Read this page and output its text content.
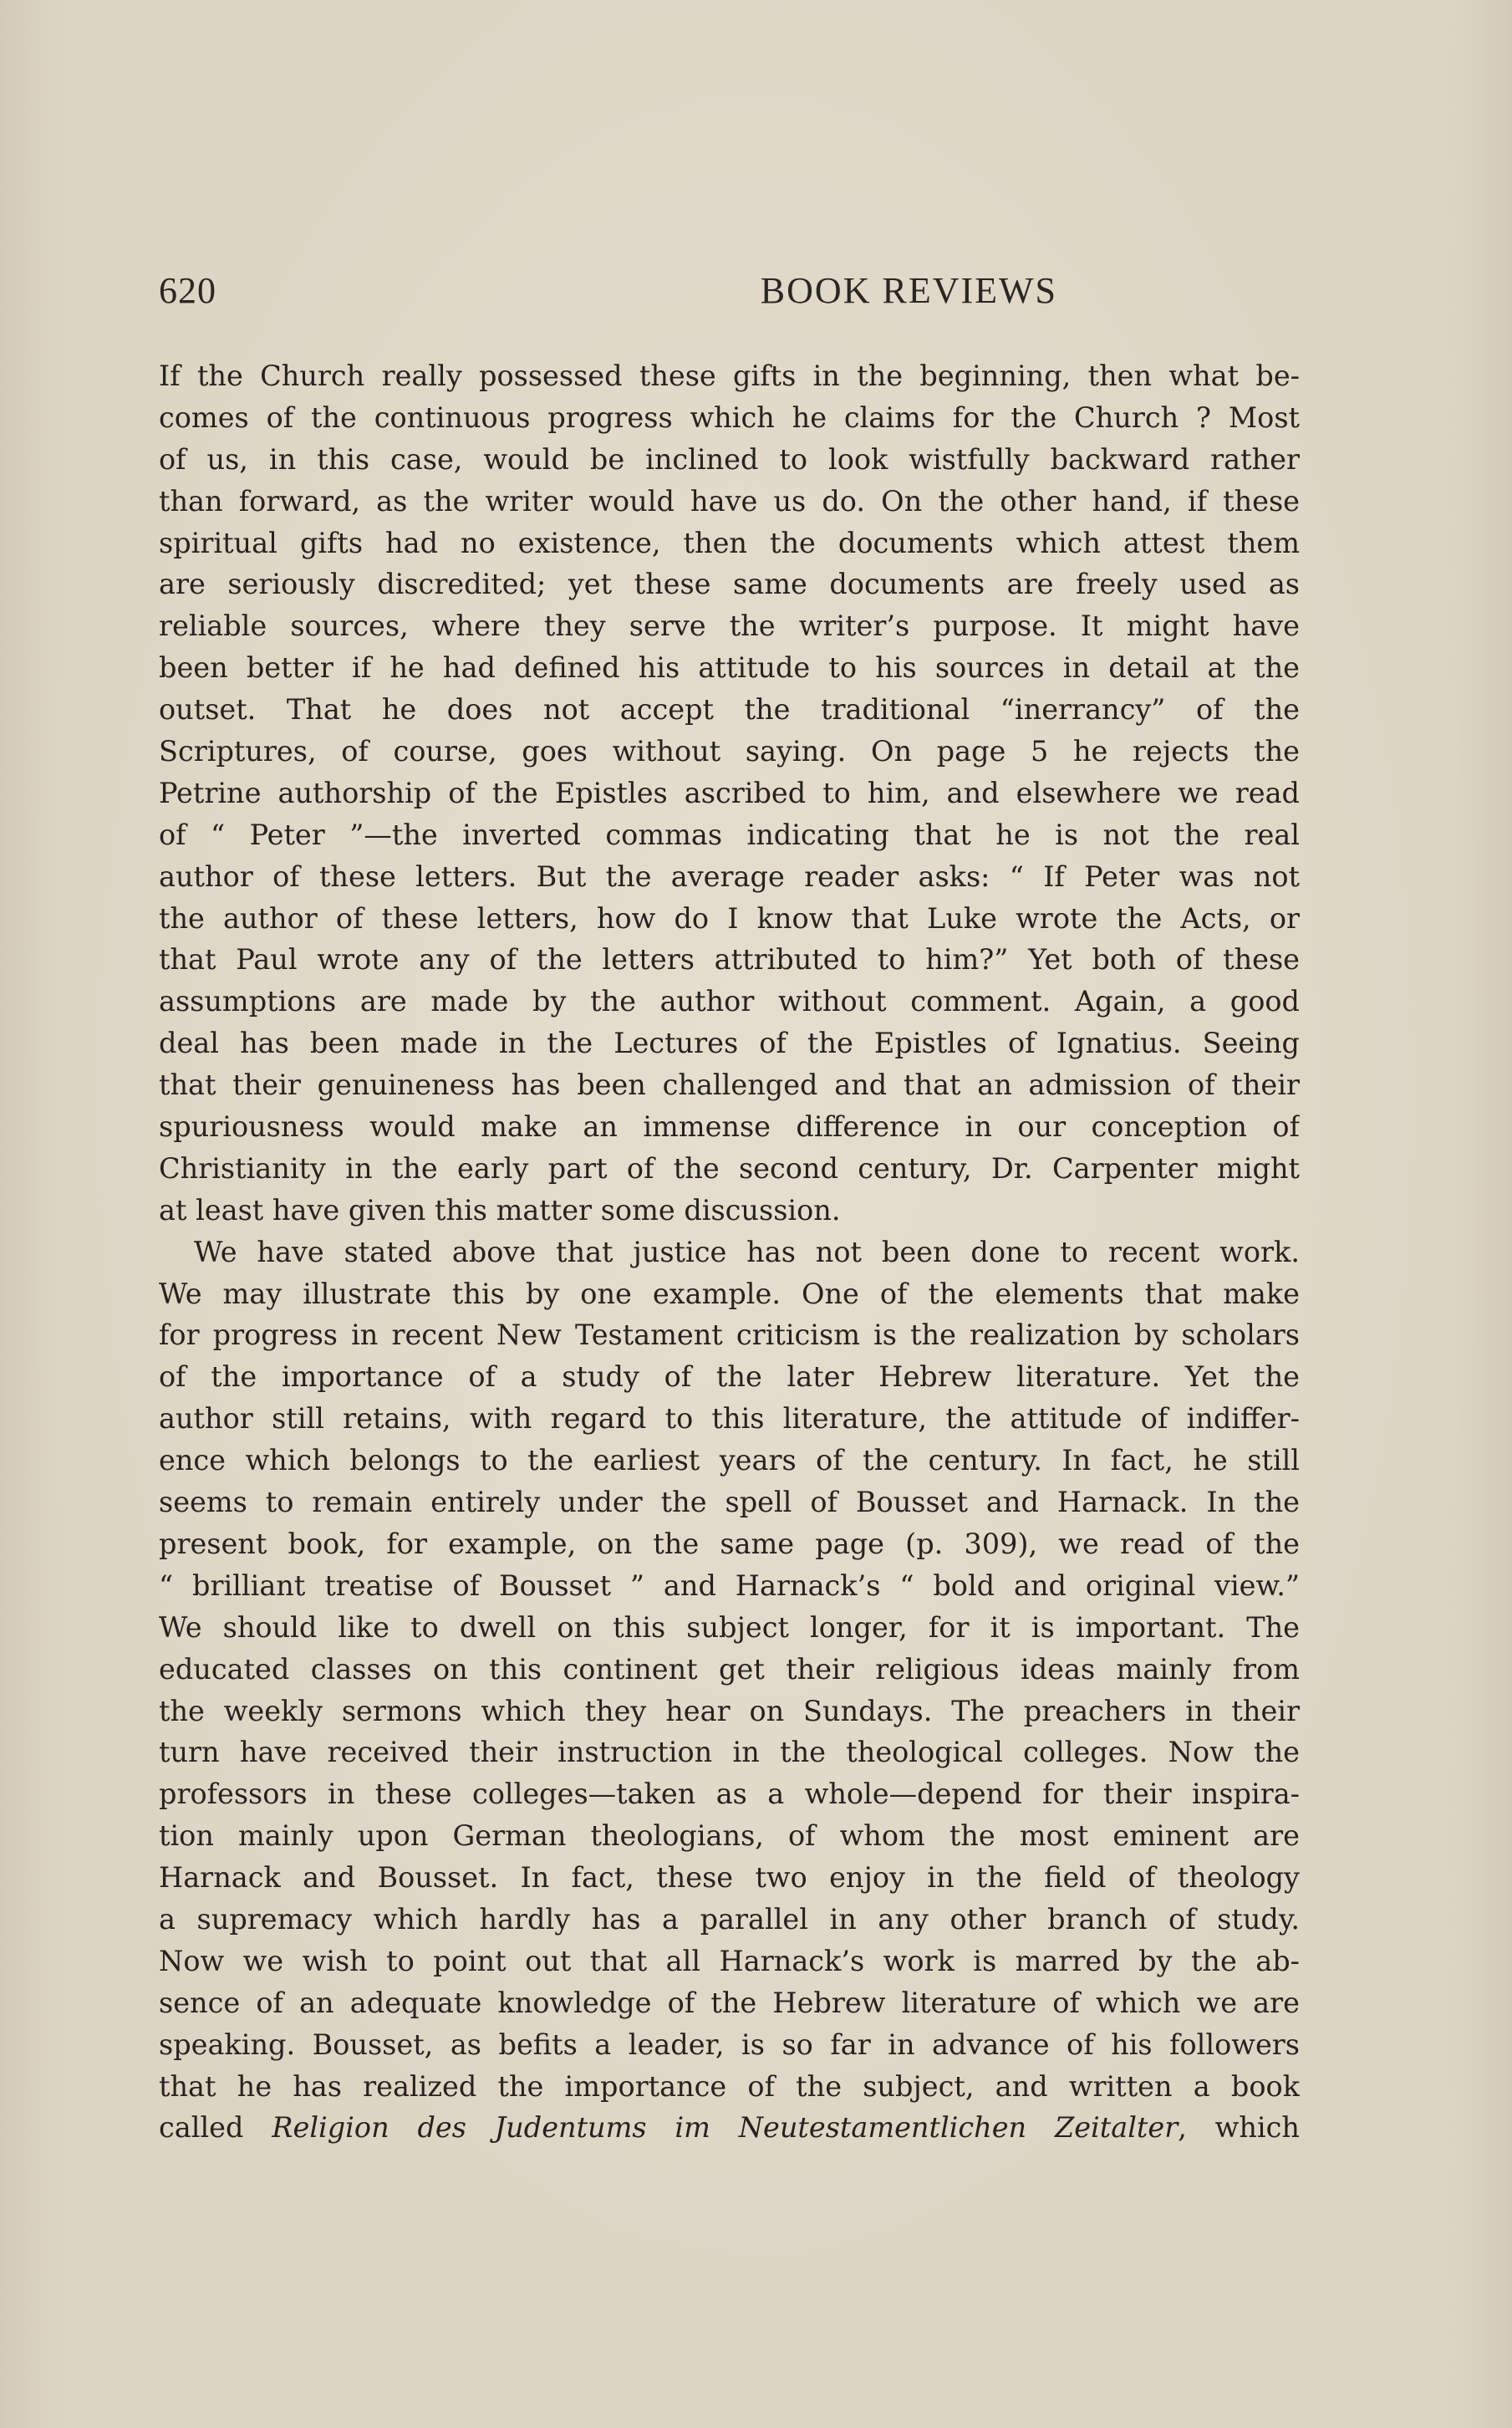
620	BOOK REVIEWS
If the Church really possessed these gifts in the beginning, then what be-
comes of the continuous progress which he claims for the Church ? Most
of us, in this case, would be inclined to look wistfully backward rather
than forward, as the writer would have us do. On the other hand, if these
spiritual gifts had no existence, then the documents which attest them
are seriously discredited; yet these same documents are freely used as
reliable sources, where they serve the writer’s purpose. It might have
been better if he had defined his attitude to his sources in detail at the
outset. That he does not accept the traditional “inerrancy” of the
Scriptures, of course, goes without saying. On page 5 he rejects the
Petrine authorship of the Epistles ascribed to him, and elsewhere we read
of “ Peter ”—the inverted commas indicating that he is not the real
author of these letters. But the average reader asks: “ If Peter was not
the author of these letters, how do I know that Luke wrote the Acts, or
that Paul wrote any of the letters attributed to him?” Yet both of these
assumptions are made by the author without comment. Again, a good
deal has been made in the Lectures of the Epistles of Ignatius. Seeing
that their genuineness has been challenged and that an admission of their
spuriousness would make an immense difference in our conception of
Christianity in the early part of the second century, Dr. Carpenter might
at least have given this matter some discussion.
We have stated above that justice has not been done to recent work.
We may illustrate this by one example. One of the elements that make
for progress in recent New Testament criticism is the realization by scholars
of the importance of a study of the later Hebrew literature. Yet the
author still retains, with regard to this literature, the attitude of indiffer-
ence which belongs to the earliest years of the century. In fact, he still
seems to remain entirely under the spell of Bousset and Harnack. In the
present book, for example, on the same page (p. 309), we read of the
“ brilliant treatise of Bousset ” and Harnack’s “ bold and original view.”
We should like to dwell on this subject longer, for it is important. The
educated classes on this continent get their religious ideas mainly from
the weekly sermons which they hear on Sundays. The preachers in their
turn have received their instruction in the theological colleges. Now the
professors in these colleges—taken as a whole—depend for their inspira-
tion mainly upon German theologians, of whom the most eminent are
Harnack and Bousset. In fact, these two enjoy in the field of theology
a supremacy which hardly has a parallel in any other branch of study.
Now we wish to point out that all Harnack’s work is marred by the ab-
sence of an adequate knowledge of the Hebrew literature of which we are
speaking. Bousset, as befits a leader, is so far in advance of his followers
that he has realized the importance of the subject, and written a book
called Religion des Judentums im Neutestamentlichen Zeitalter, which
